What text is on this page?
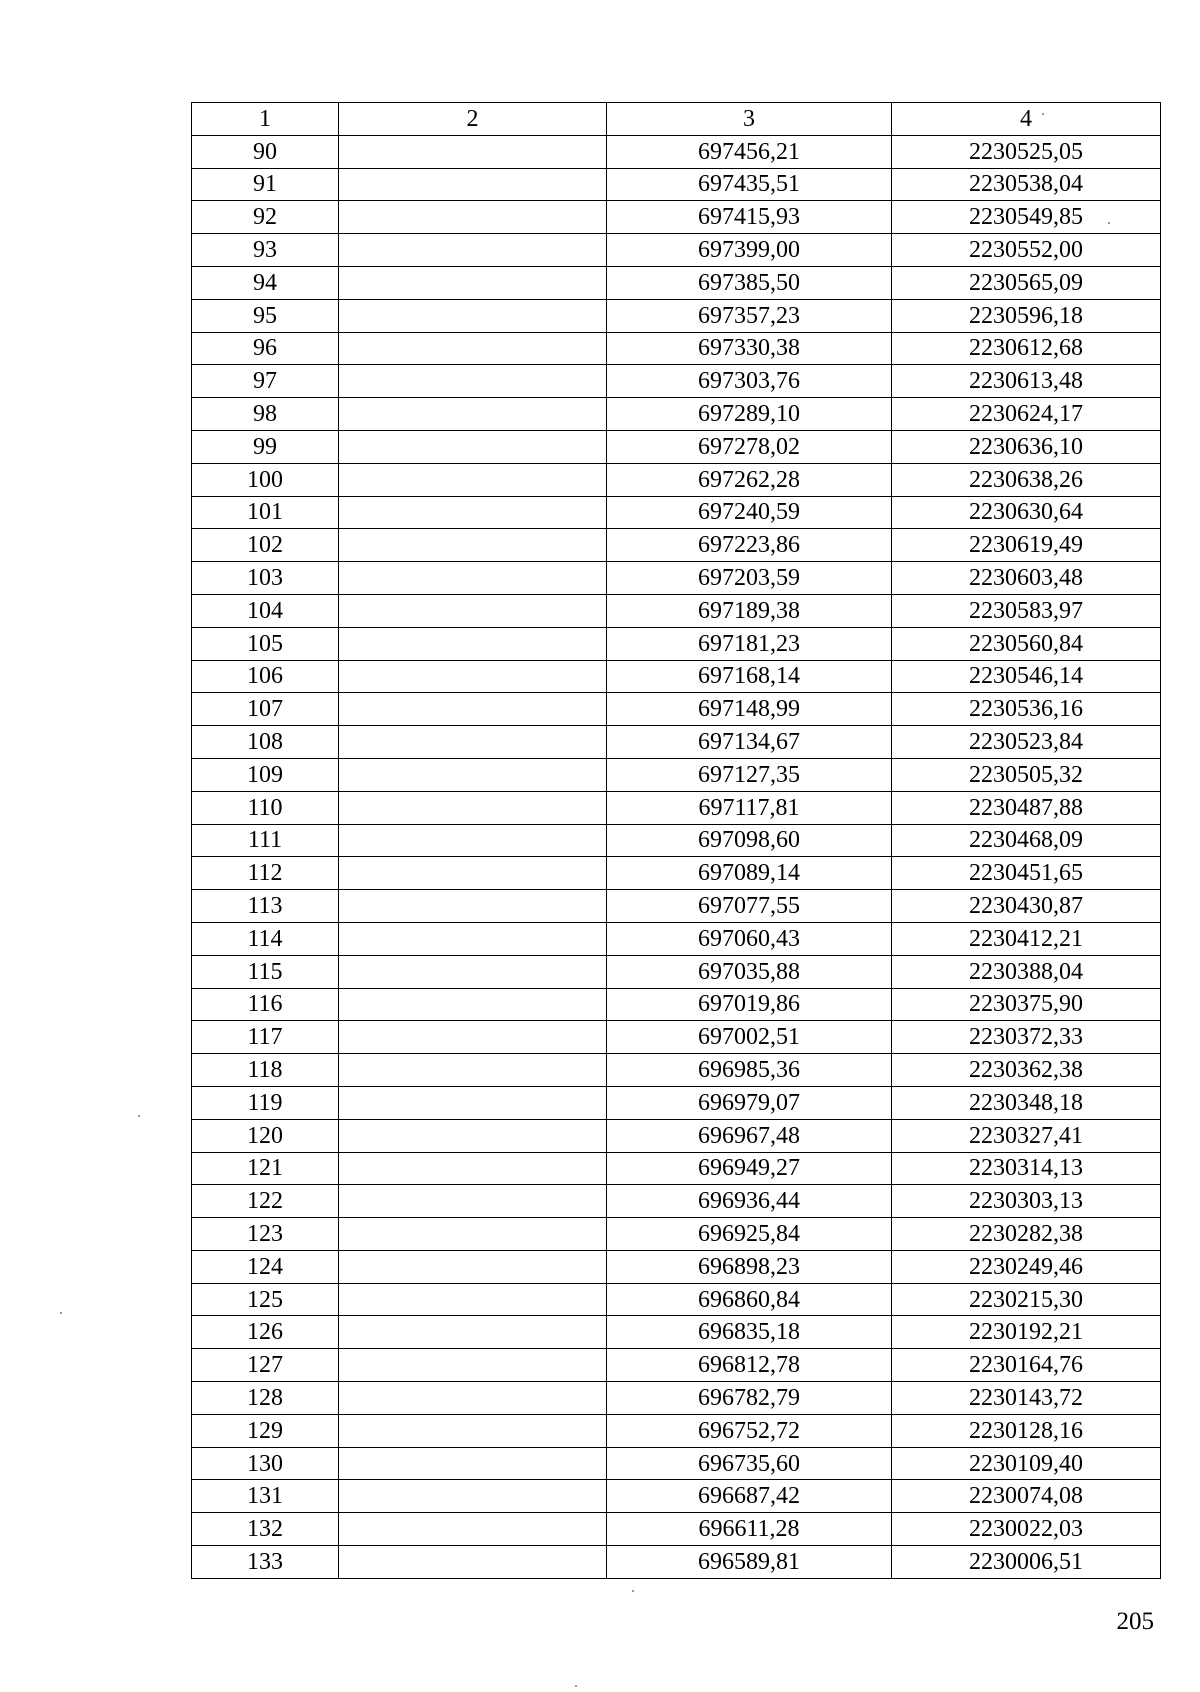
1	2	3	4
90		697456,21	2230525,05
91		697435,51	2230538,04
92		697415,93	2230549,85
93		697399,00	2230552,00
94		697385,50	2230565,09
95		697357,23	2230596,18
96		697330,38	2230612,68
97		697303,76	2230613,48
98		697289,10	2230624,17
99		697278,02	2230636,10
100		697262,28	2230638,26
101		697240,59	2230630,64
102		697223,86	2230619,49
103		697203,59	2230603,48
104		697189,38	2230583,97
105		697181,23	2230560,84
106		697168,14	2230546,14
107		697148,99	2230536,16
108		697134,67	2230523,84
109		697127,35	2230505,32
110		697117,81	2230487,88
111		697098,60	2230468,09
112		697089,14	2230451,65
113		697077,55	2230430,87
114		697060,43	2230412,21
115		697035,88	2230388,04
116		697019,86	2230375,90
117		697002,51	2230372,33
118		696985,36	2230362,38
119		696979,07	2230348,18
120		696967,48	2230327,41
121		696949,27	2230314,13
122		696936,44	2230303,13
123		696925,84	2230282,38
124		696898,23	2230249,46
125		696860,84	2230215,30
126		696835,18	2230192,21
127		696812,78	2230164,76
128		696782,79	2230143,72
129		696752,72	2230128,16
130		696735,60	2230109,40
131		696687,42	2230074,08
132		696611,28	2230022,03
133		696589,81	2230006,51
205
